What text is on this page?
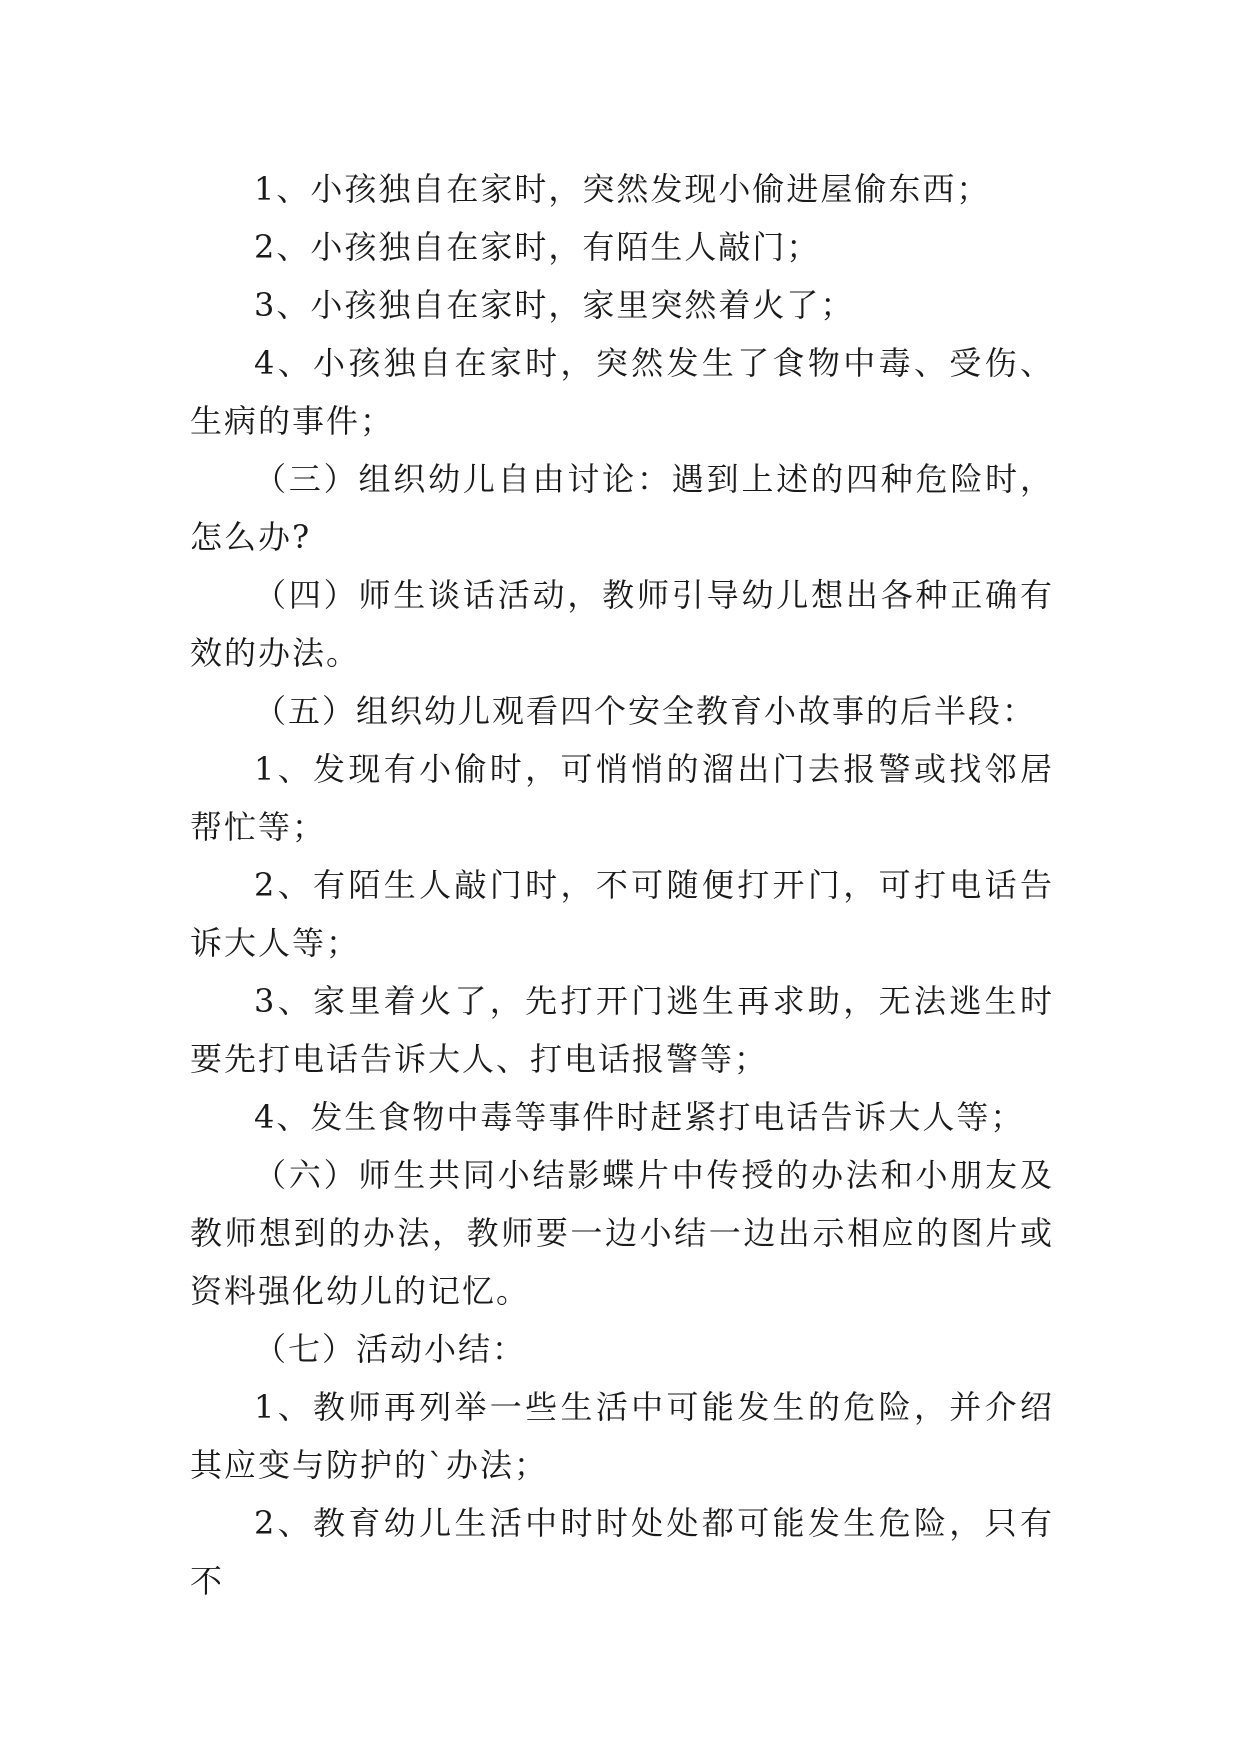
1、小孩独自在家时，突然发现小偷进屋偷东西；

2、小孩独自在家时，有陌生人敲门；

3、小孩独自在家时，家里突然着火了；

4、小孩独自在家时，突然发生了食物中毒、受伤、生病的事件；

（三）组织幼儿自由讨论：遇到上述的四种危险时，怎么办?

（四）师生谈话活动，教师引导幼儿想出各种正确有效的办法。

（五）组织幼儿观看四个安全教育小故事的后半段：

1、发现有小偷时，可悄悄的溜出门去报警或找邻居帮忙等；

2、有陌生人敲门时，不可随便打开门，可打电话告诉大人等；

3、家里着火了，先打开门逃生再求助，无法逃生时要先打电话告诉大人、打电话报警等；

4、发生食物中毒等事件时赶紧打电话告诉大人等；

（六）师生共同小结影蝶片中传授的办法和小朋友及教师想到的办法，教师要一边小结一边出示相应的图片或资料强化幼儿的记忆。

（七）活动小结：

1、教师再列举一些生活中可能发生的危险，并介绍其应变与防护的`办法；

2、教育幼儿生活中时时处处都可能发生危险，只有不
